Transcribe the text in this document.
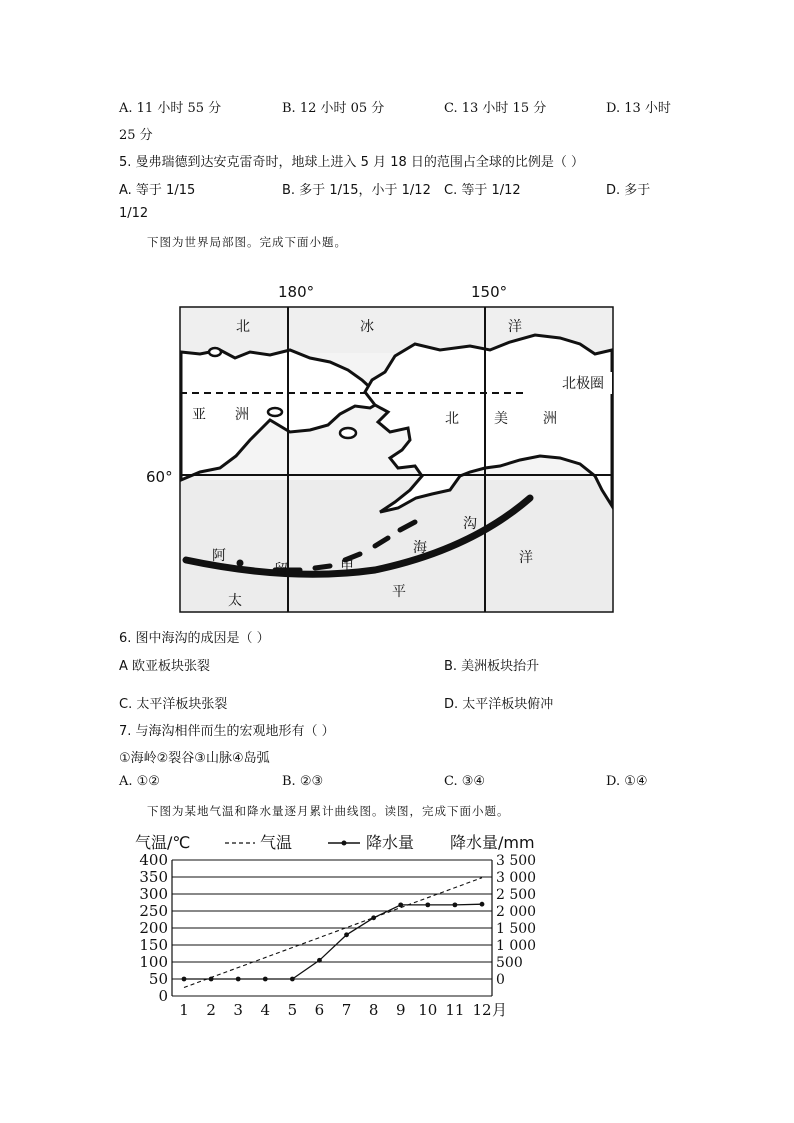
A. 11 小时 55 分	B. 12 小时 05 分	C. 13 小时 15 分	D. 13 小时
25 分
5. 曼弗瑞德到达安克雷奇时，地球上进入 5 月 18 日的范围占全球的比例是（ ）
A. 等于 1/15	B. 多于 1/15，小于 1/12 C. 等于 1/12	D. 多于
1/12
下图为世界局部图。完成下面小题。
180°	150°
60°
北极圈
北	冰	洋
亚 洲	北	美	洲
沟
海
洋
阿
留	申
太
平
6. 图中海沟的成因是（ ）
A 欧亚板块张裂	B. 美洲板块抬升
C. 太平洋板块张裂	D. 太平洋板块俯冲
7. 与海沟相伴而生的宏观地形有（ ）
①海岭②裂谷③山脉④岛弧
A. ①②	B. ②③	C. ③④	D. ①④
下图为某地气温和降水量逐月累计曲线图。读图，完成下面小题。
气温/℃	气温	降水量 降水量/mm
0
50
100
150
200
250
300
350
400
0
500
1 000
1 500
2 000
2 500
3 000
3 500
1 2 3 4 5 6 7 8 9 10 11 12 月
